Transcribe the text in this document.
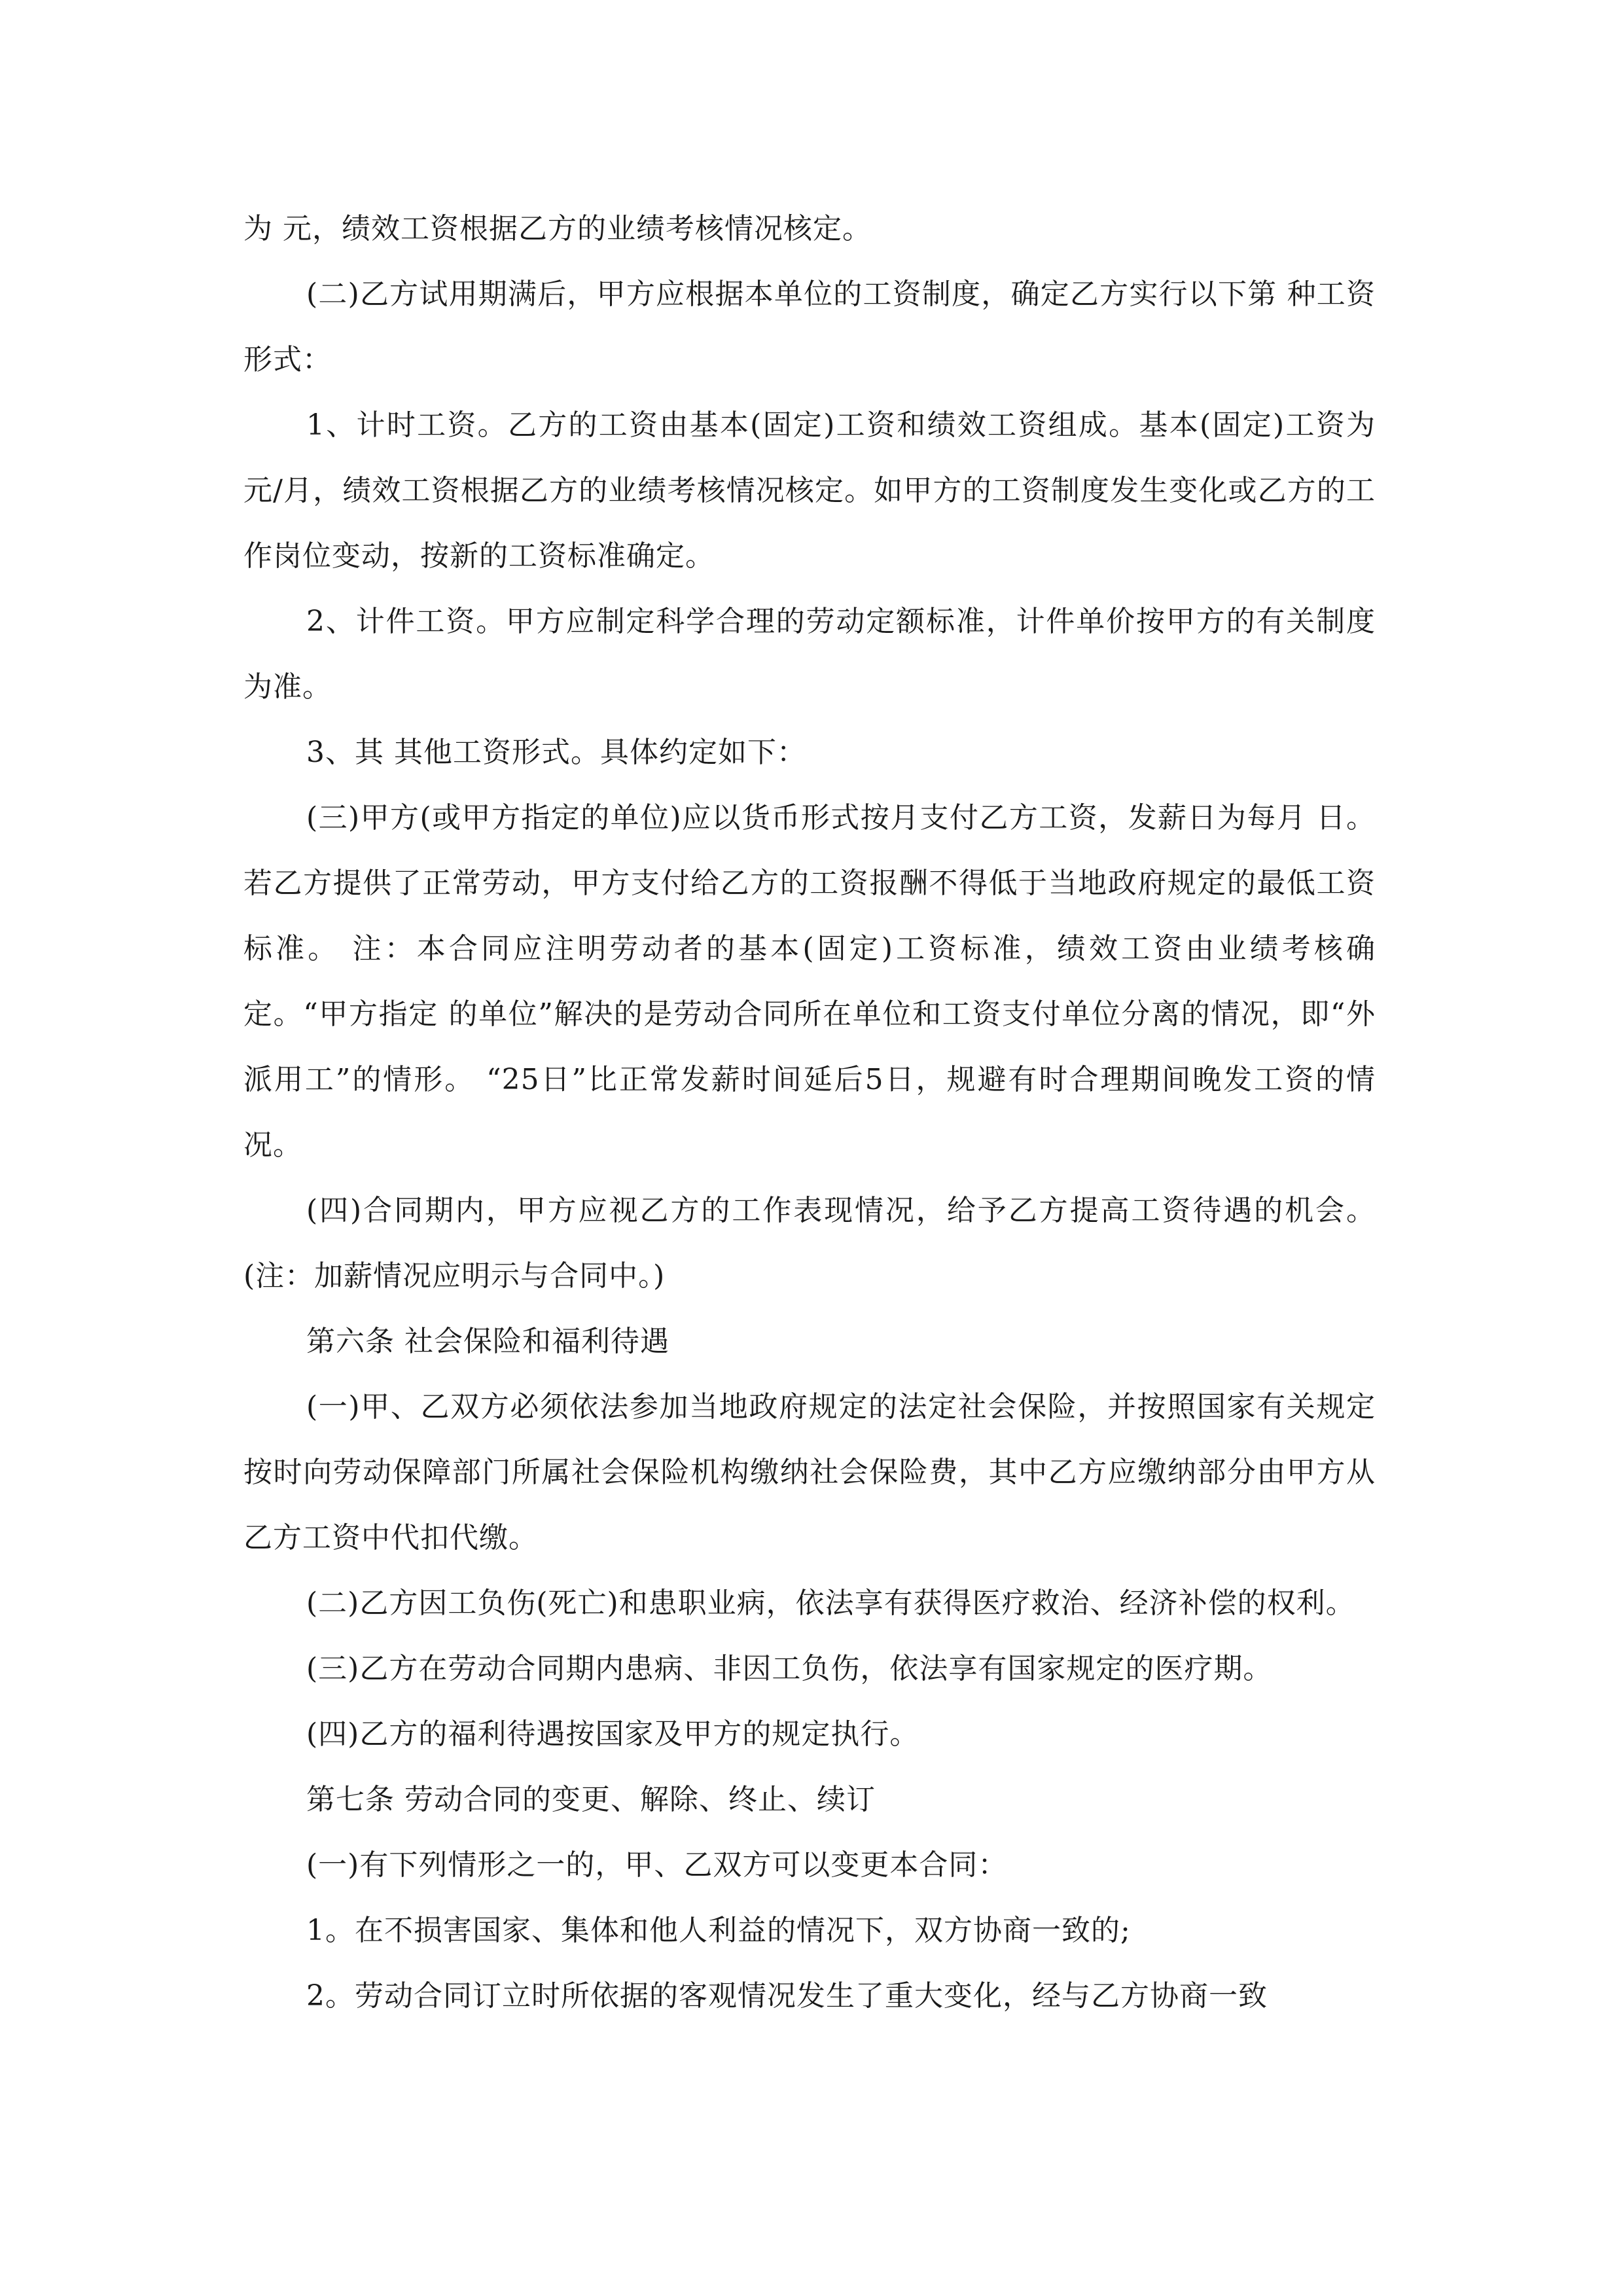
为 元，绩效工资根据乙方的业绩考核情况核定。

(二)乙方试用期满后，甲方应根据本单位的工资制度，确定乙方实行以下第 种工资形式：

1、计时工资。乙方的工资由基本(固定)工资和绩效工资组成。基本(固定)工资为 元/月，绩效工资根据乙方的业绩考核情况核定。如甲方的工资制度发生变化或乙方的工作岗位变动，按新的工资标准确定。

2、计件工资。甲方应制定科学合理的劳动定额标准，计件单价按甲方的有关制度为准。

3、其 其他工资形式。具体约定如下：

(三)甲方(或甲方指定的单位)应以货币形式按月支付乙方工资，发薪日为每月 日。若乙方提供了正常劳动，甲方支付给乙方的工资报酬不得低于当地政府规定的最低工资标准。 注：本合同应注明劳动者的基本(固定)工资标准，绩效工资由业绩考核确定。“甲方指定 的单位”解决的是劳动合同所在单位和工资支付单位分离的情况，即“外派用工”的情形。 “25日”比正常发薪时间延后5日，规避有时合理期间晚发工资的情况。

(四)合同期内，甲方应视乙方的工作表现情况，给予乙方提高工资待遇的机会。(注：加薪情况应明示与合同中。)

第六条 社会保险和福利待遇

(一)甲、乙双方必须依法参加当地政府规定的法定社会保险，并按照国家有关规定按时向劳动保障部门所属社会保险机构缴纳社会保险费，其中乙方应缴纳部分由甲方从乙方工资中代扣代缴。

(二)乙方因工负伤(死亡)和患职业病，依法享有获得医疗救治、经济补偿的权利。

(三)乙方在劳动合同期内患病、非因工负伤，依法享有国家规定的医疗期。

(四)乙方的福利待遇按国家及甲方的规定执行。

第七条 劳动合同的变更、解除、终止、续订

(一)有下列情形之一的，甲、乙双方可以变更本合同：

1。在不损害国家、集体和他人利益的情况下，双方协商一致的;

2。劳动合同订立时所依据的客观情况发生了重大变化，经与乙方协商一致
